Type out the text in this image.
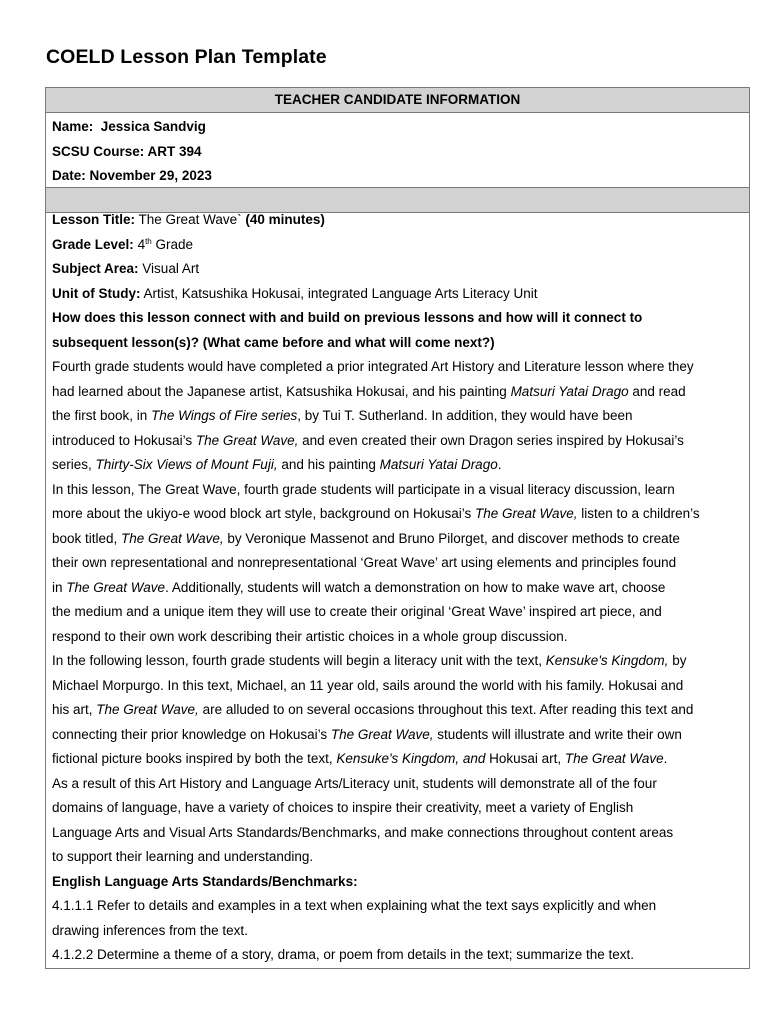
COELD Lesson Plan Template
TEACHER CANDIDATE INFORMATION
Name: Jessica Sandvig
SCSU Course: ART 394
Date: November 29, 2023
Lesson Title: The Great Wave` (40 minutes)
Grade Level: 4th Grade
Subject Area: Visual Art
Unit of Study: Artist, Katsushika Hokusai, integrated Language Arts Literacy Unit
How does this lesson connect with and build on previous lessons and how will it connect to
subsequent lesson(s)? (What came before and what will come next?)
Fourth grade students would have completed a prior integrated Art History and Literature lesson where they
had learned about the Japanese artist, Katsushika Hokusai, and his painting Matsuri Yatai Drago and read
the first book, in The Wings of Fire series, by Tui T. Sutherland. In addition, they would have been
introduced to Hokusai’s The Great Wave, and even created their own Dragon series inspired by Hokusai’s
series, Thirty-Six Views of Mount Fuji, and his painting Matsuri Yatai Drago.
In this lesson, The Great Wave, fourth grade students will participate in a visual literacy discussion, learn
more about the ukiyo-e wood block art style, background on Hokusai’s The Great Wave, listen to a children’s
book titled, The Great Wave, by Veronique Massenot and Bruno Pilorget, and discover methods to create
their own representational and nonrepresentational ‘Great Wave’ art using elements and principles found
in The Great Wave. Additionally, students will watch a demonstration on how to make wave art, choose
the medium and a unique item they will use to create their original ‘Great Wave’ inspired art piece, and
respond to their own work describing their artistic choices in a whole group discussion.
In the following lesson, fourth grade students will begin a literacy unit with the text, Kensuke's Kingdom, by
Michael Morpurgo. In this text, Michael, an 11 year old, sails around the world with his family. Hokusai and
his art, The Great Wave, are alluded to on several occasions throughout this text. After reading this text and
connecting their prior knowledge on Hokusai’s The Great Wave, students will illustrate and write their own
fictional picture books inspired by both the text, Kensuke's Kingdom, and Hokusai art, The Great Wave.
As a result of this Art History and Language Arts/Literacy unit, students will demonstrate all of the four
domains of language, have a variety of choices to inspire their creativity, meet a variety of English
Language Arts and Visual Arts Standards/Benchmarks, and make connections throughout content areas
to support their learning and understanding.
English Language Arts Standards/Benchmarks:
4.1.1.1 Refer to details and examples in a text when explaining what the text says explicitly and when
drawing inferences from the text.
4.1.2.2 Determine a theme of a story, drama, or poem from details in the text; summarize the text.
